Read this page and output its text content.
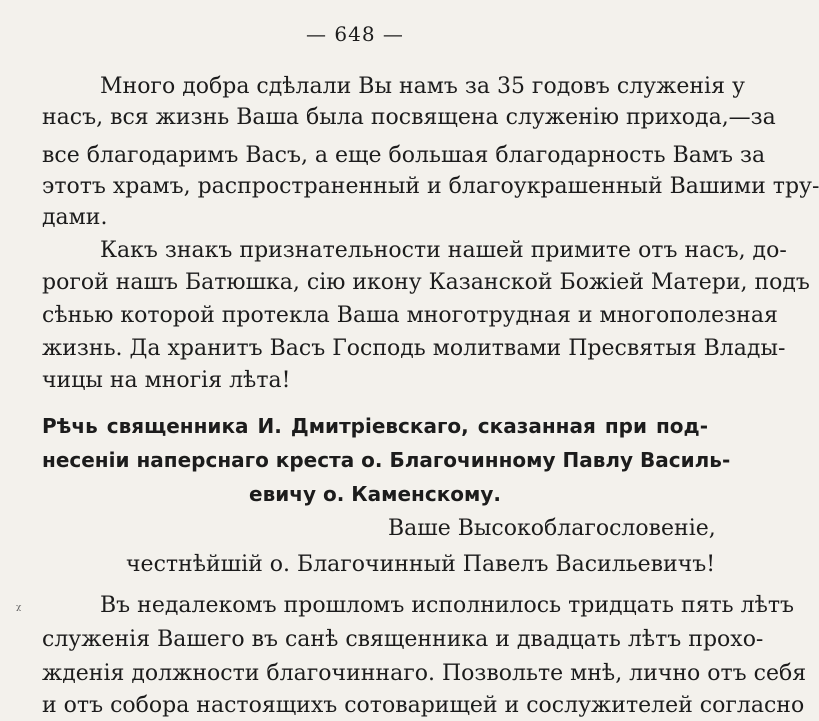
— 648 —
Много добра сдѣлали Вы намъ за 35 годовъ служенія у
насъ, вся жизнь Ваша была посвящена служенію прихода,—за
все благодаримъ Васъ, а еще большая благодарность Вамъ за
этотъ храмъ, распространенный и благоукрашенный Вашими тру-
дами.
Какъ знакъ признательности нашей примите отъ насъ, до-
рогой нашъ Батюшка, сію икону Казанской Божіей Матери, подъ
сѣнью которой протекла Ваша многотрудная и многополезная
жизнь. Да хранитъ Васъ Господь молитвами Пресвятыя Влады-
чицы на многія лѣта!
Рѣчь священника И. Дмитріевскаго, сказанная при под-
несеніи наперснаго креста о. Благочинному Павлу Василь-
евичу о. Каменскому.
Ваше Высокоблагословеніе,
честнѣйшій о. Благочинный Павелъ Васильевичъ!
Въ недалекомъ прошломъ исполнилось тридцать пять лѣтъ
служенія Вашего въ санѣ священника и двадцать лѣтъ прохо-
жденія должности благочиннаго. Позвольте мнѣ, лично отъ себя
и отъ собора настоящихъ сотоварищей и сослужителей согласно
ᵡ
